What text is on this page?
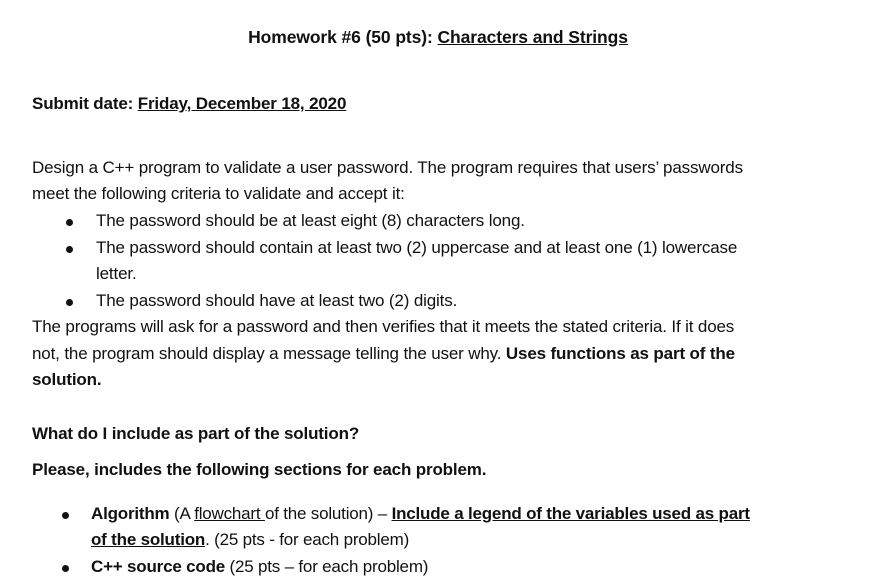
Homework #6 (50 pts): Characters and Strings
Submit date: Friday, December 18, 2020
Design a C++ program to validate a user password. The program requires that users’ passwords
meet the following criteria to validate and accept it:
The password should be at least eight (8) characters long.
The password should contain at least two (2) uppercase and at least one (1) lowercase
letter.
The password should have at least two (2) digits.
The programs will ask for a password and then verifies that it meets the stated criteria. If it does
not, the program should display a message telling the user why. Uses functions as part of the
solution.
What do I include as part of the solution?
Please, includes the following sections for each problem.
Algorithm (A flowchart of the solution) – Include a legend of the variables used as part
of the solution. (25 pts - for each problem)
C++ source code (25 pts – for each problem)
